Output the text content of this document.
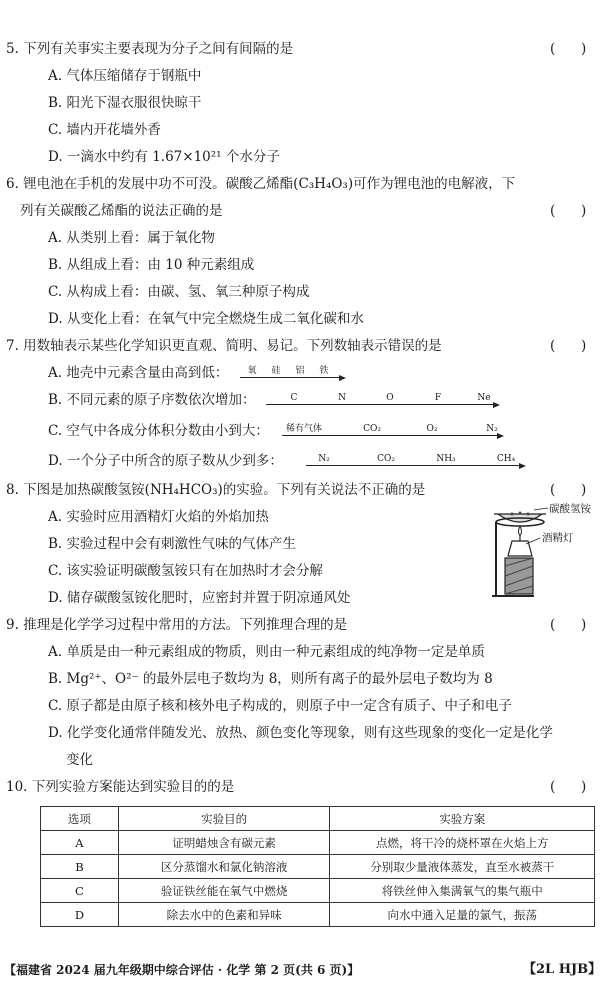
5. 下列有关事实主要表现为分子之间有间隔的是	(      )
A. 气体压缩储存于钢瓶中
B. 阳光下湿衣服很快晾干
C. 墙内开花墙外香
D. 一滴水中约有 1.67×10²¹ 个水分子
6. 锂电池在手机的发展中功不可没。碳酸乙烯酯(C₃H₄O₃)可作为锂电池的电解液，下
列有关碳酸乙烯酯的说法正确的是	(      )
A. 从类别上看：属于氧化物
B. 从组成上看：由 10 种元素组成
C. 从构成上看：由碳、氢、氧三种原子构成
D. 从变化上看：在氧气中完全燃烧生成二氧化碳和水
7. 用数轴表示某些化学知识更直观、简明、易记。下列数轴表示错误的是	(      )
A. 地壳中元素含量由高到低： 氧 硅 铝 铁
B. 不同元素的原子序数依次增加：	C	N	O	F	Ne
C. 空气中各成分体积分数由小到大： 稀有气体	CO₂	O₂	N₂
D. 一个分子中所含的原子数从少到多：	N₂	CO₂	NH₃	CH₄
8. 下图是加热碳酸氢铵(NH₄HCO₃)的实验。下列有关说法不正确的是	(      )
A. 实验时应用酒精灯火焰的外焰加热
B. 实验过程中会有刺激性气味的气体产生
C. 该实验证明碳酸氢铵只有在加热时才会分解
D. 储存碳酸氢铵化肥时，应密封并置于阴凉通风处
碳酸氢铵
酒精灯
9. 推理是化学学习过程中常用的方法。下列推理合理的是	(      )
A. 单质是由一种元素组成的物质，则由一种元素组成的纯净物一定是单质
B. Mg²⁺、O²⁻ 的最外层电子数均为 8，则所有离子的最外层电子数均为 8
C. 原子都是由原子核和核外电子构成的，则原子中一定含有质子、中子和电子
D. 化学变化通常伴随发光、放热、颜色变化等现象，则有这些现象的变化一定是化学
变化
10. 下列实验方案能达到实验目的的是	(      )
选项	实验目的	实验方案
A	证明蜡烛含有碳元素	点燃，将干冷的烧杯罩在火焰上方
B	区分蒸馏水和氯化钠溶液	分别取少量液体蒸发，直至水被蒸干
C	验证铁丝能在氧气中燃烧	将铁丝伸入集满氧气的集气瓶中
D	除去水中的色素和异味	向水中通入足量的氯气，振荡
【福建省 2024 届九年级期中综合评估 · 化学 第 2 页(共 6 页)】	【2L HJB】
